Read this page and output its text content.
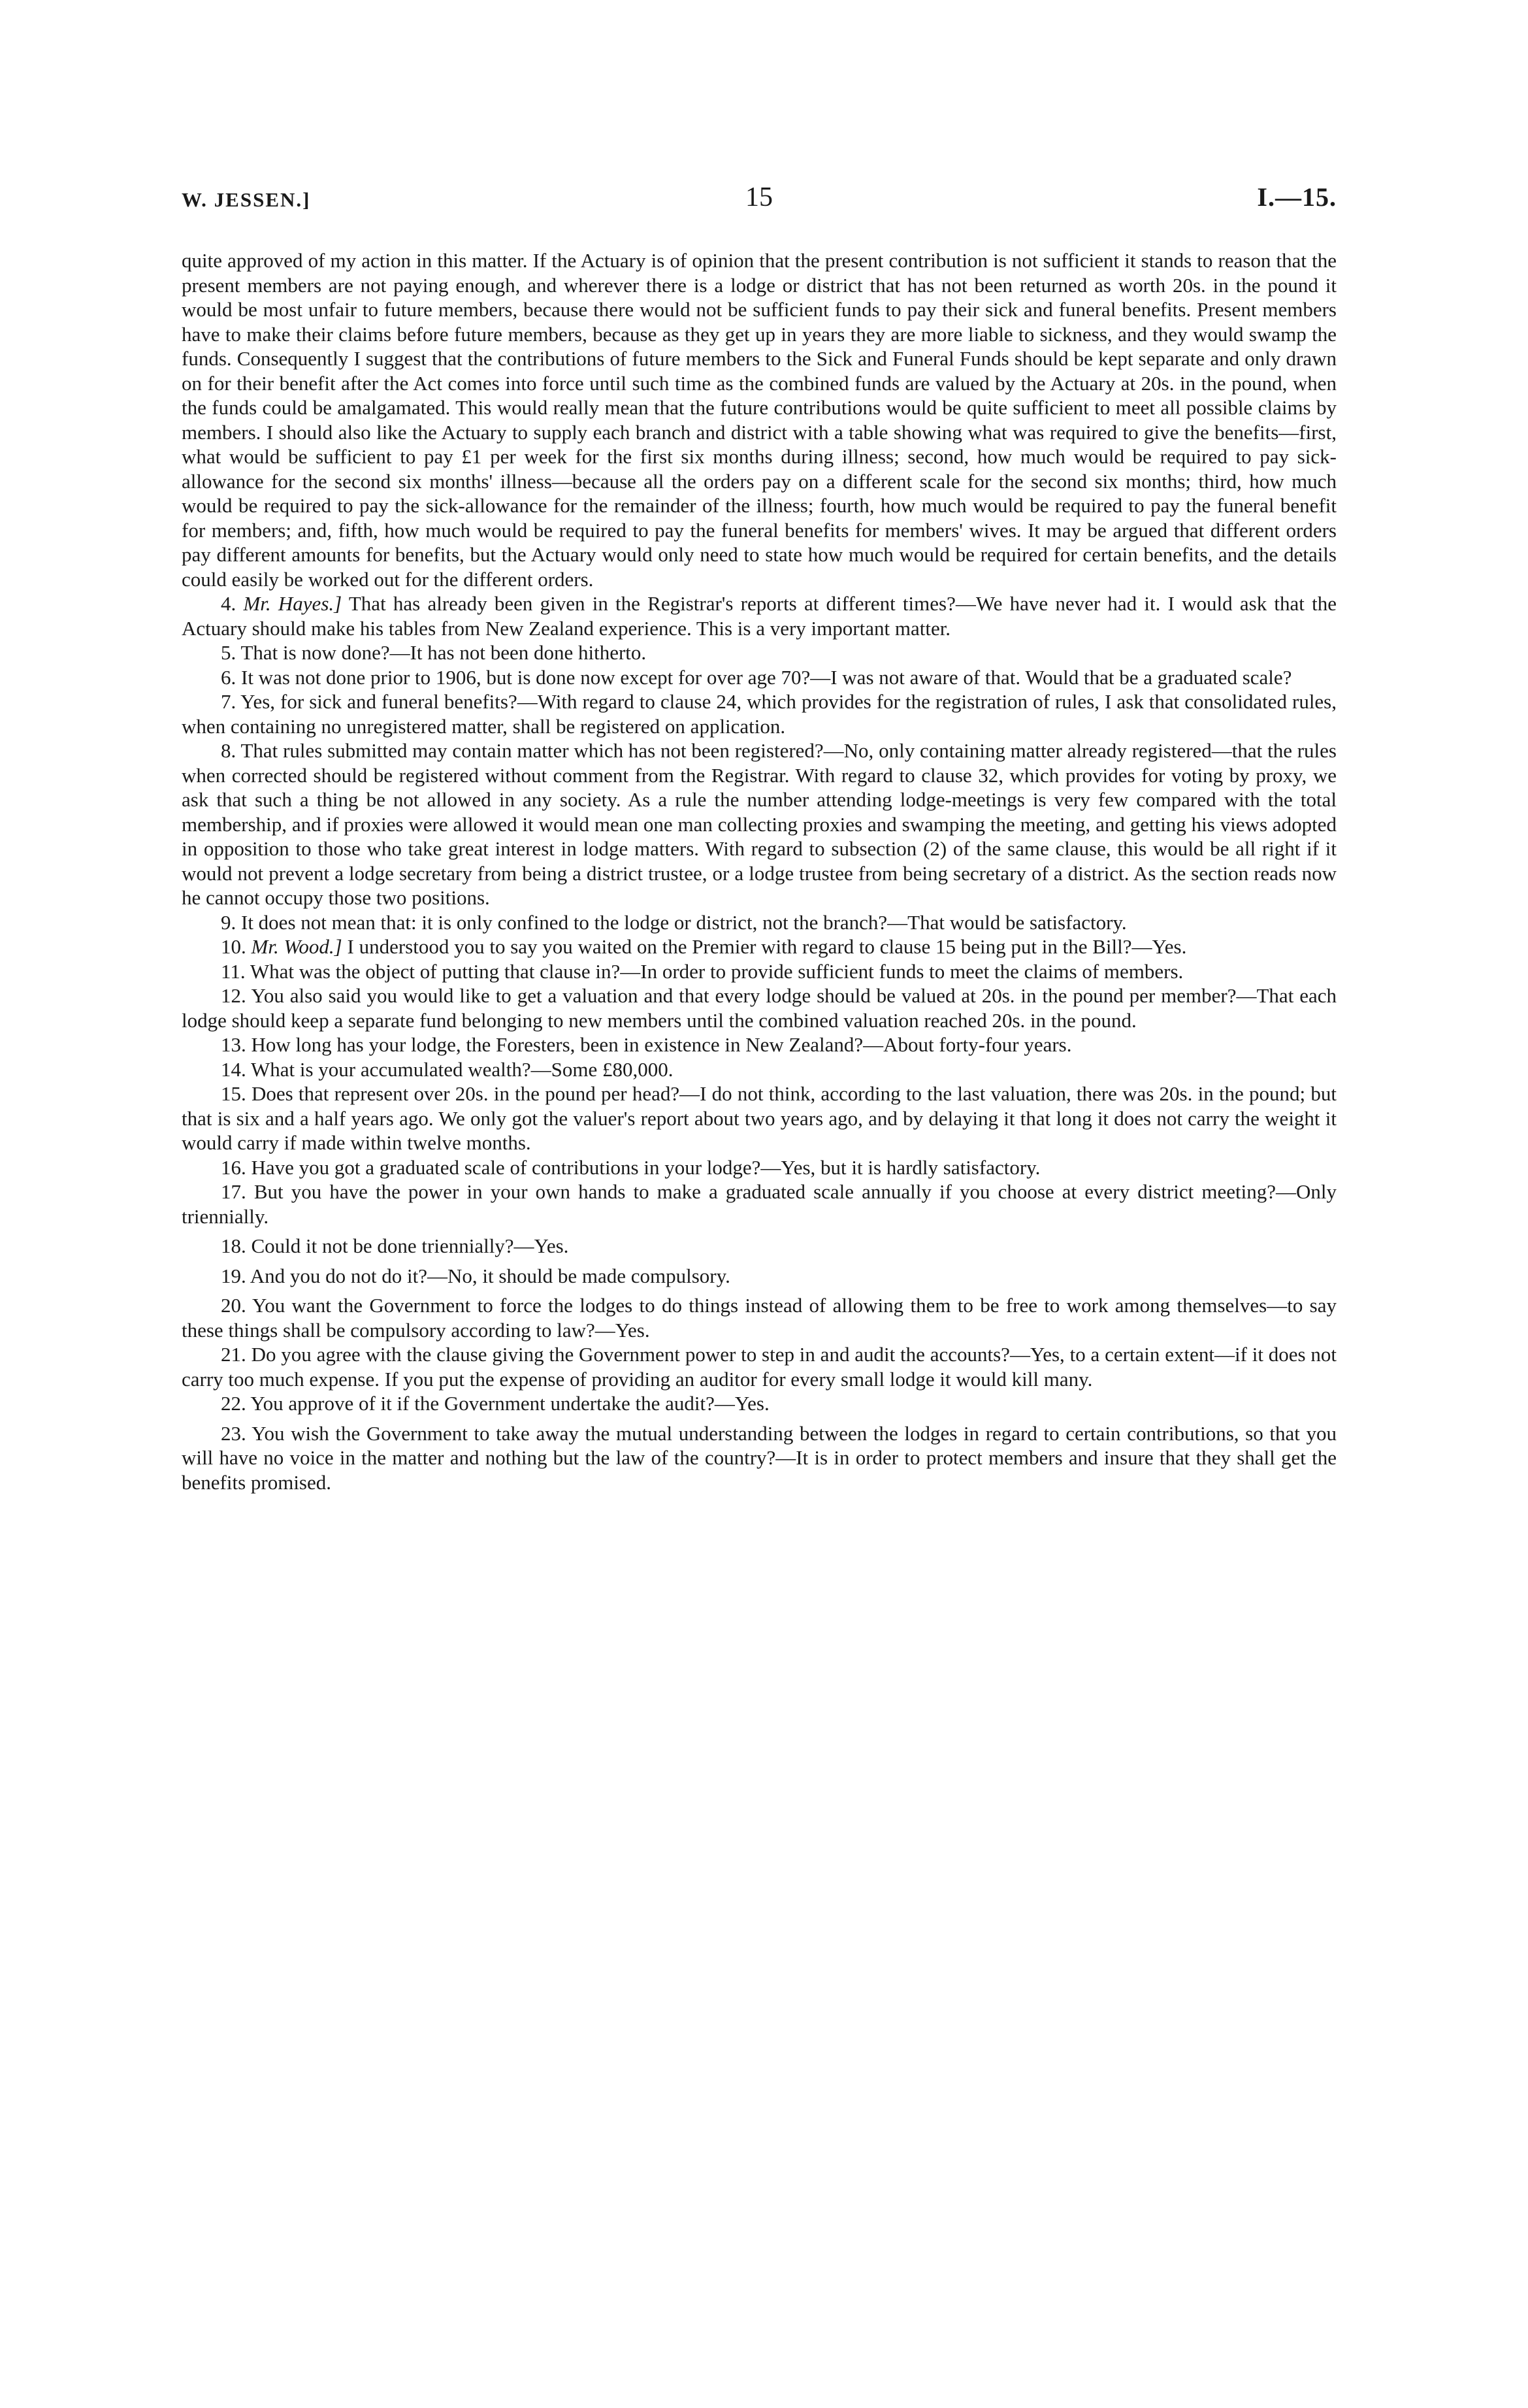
W. JESSEN.]	15	I.—15.

quite approved of my action in this matter. If the Actuary is of opinion that the present contribution is not sufficient it stands to reason that the present members are not paying enough, and wherever there is a lodge or district that has not been returned as worth 20s. in the pound it would be most unfair to future members, because there would not be sufficient funds to pay their sick and funeral benefits. Present members have to make their claims before future members, because as they get up in years they are more liable to sickness, and they would swamp the funds. Consequently I suggest that the contributions of future members to the Sick and Funeral Funds should be kept separate and only drawn on for their benefit after the Act comes into force until such time as the combined funds are valued by the Actuary at 20s. in the pound, when the funds could be amalgamated. This would really mean that the future contributions would be quite sufficient to meet all possible claims by members. I should also like the Actuary to supply each branch and district with a table showing what was required to give the benefits—first, what would be sufficient to pay £1 per week for the first six months during illness; second, how much would be required to pay sick-allowance for the second six months' illness—because all the orders pay on a different scale for the second six months; third, how much would be required to pay the sick-allowance for the remainder of the illness; fourth, how much would be required to pay the funeral benefit for members; and, fifth, how much would be required to pay the funeral benefits for members' wives. It may be argued that different orders pay different amounts for benefits, but the Actuary would only need to state how much would be required for certain benefits, and the details could easily be worked out for the different orders.

4. Mr. Hayes.] That has already been given in the Registrar's reports at different times?—We have never had it. I would ask that the Actuary should make his tables from New Zealand experience. This is a very important matter.

5. That is now done?—It has not been done hitherto.

6. It was not done prior to 1906, but is done now except for over age 70?—I was not aware of that. Would that be a graduated scale?

7. Yes, for sick and funeral benefits?—With regard to clause 24, which provides for the registration of rules, I ask that consolidated rules, when containing no unregistered matter, shall be registered on application.

8. That rules submitted may contain matter which has not been registered?—No, only containing matter already registered—that the rules when corrected should be registered without comment from the Registrar. With regard to clause 32, which provides for voting by proxy, we ask that such a thing be not allowed in any society. As a rule the number attending lodge-meetings is very few compared with the total membership, and if proxies were allowed it would mean one man collecting proxies and swamping the meeting, and getting his views adopted in opposition to those who take great interest in lodge matters. With regard to subsection (2) of the same clause, this would be all right if it would not prevent a lodge secretary from being a district trustee, or a lodge trustee from being secretary of a district. As the section reads now he cannot occupy those two positions.

9. It does not mean that: it is only confined to the lodge or district, not the branch?—That would be satisfactory.

10. Mr. Wood.] I understood you to say you waited on the Premier with regard to clause 15 being put in the Bill?—Yes.

11. What was the object of putting that clause in?—In order to provide sufficient funds to meet the claims of members.

12. You also said you would like to get a valuation and that every lodge should be valued at 20s. in the pound per member?—That each lodge should keep a separate fund belonging to new members until the combined valuation reached 20s. in the pound.

13. How long has your lodge, the Foresters, been in existence in New Zealand?—About forty-four years.

14. What is your accumulated wealth?—Some £80,000.

15. Does that represent over 20s. in the pound per head?—I do not think, according to the last valuation, there was 20s. in the pound; but that is six and a half years ago. We only got the valuer's report about two years ago, and by delaying it that long it does not carry the weight it would carry if made within twelve months.

16. Have you got a graduated scale of contributions in your lodge?—Yes, but it is hardly satisfactory.

17. But you have the power in your own hands to make a graduated scale annually if you choose at every district meeting?—Only triennially.

18. Could it not be done triennially?—Yes.

19. And you do not do it?—No, it should be made compulsory.

20. You want the Government to force the lodges to do things instead of allowing them to be free to work among themselves—to say these things shall be compulsory according to law?—Yes.

21. Do you agree with the clause giving the Government power to step in and audit the accounts?—Yes, to a certain extent—if it does not carry too much expense. If you put the expense of providing an auditor for every small lodge it would kill many.

22. You approve of it if the Government undertake the audit?—Yes.

23. You wish the Government to take away the mutual understanding between the lodges in regard to certain contributions, so that you will have no voice in the matter and nothing but the law of the country?—It is in order to protect members and insure that they shall get the benefits promised.
